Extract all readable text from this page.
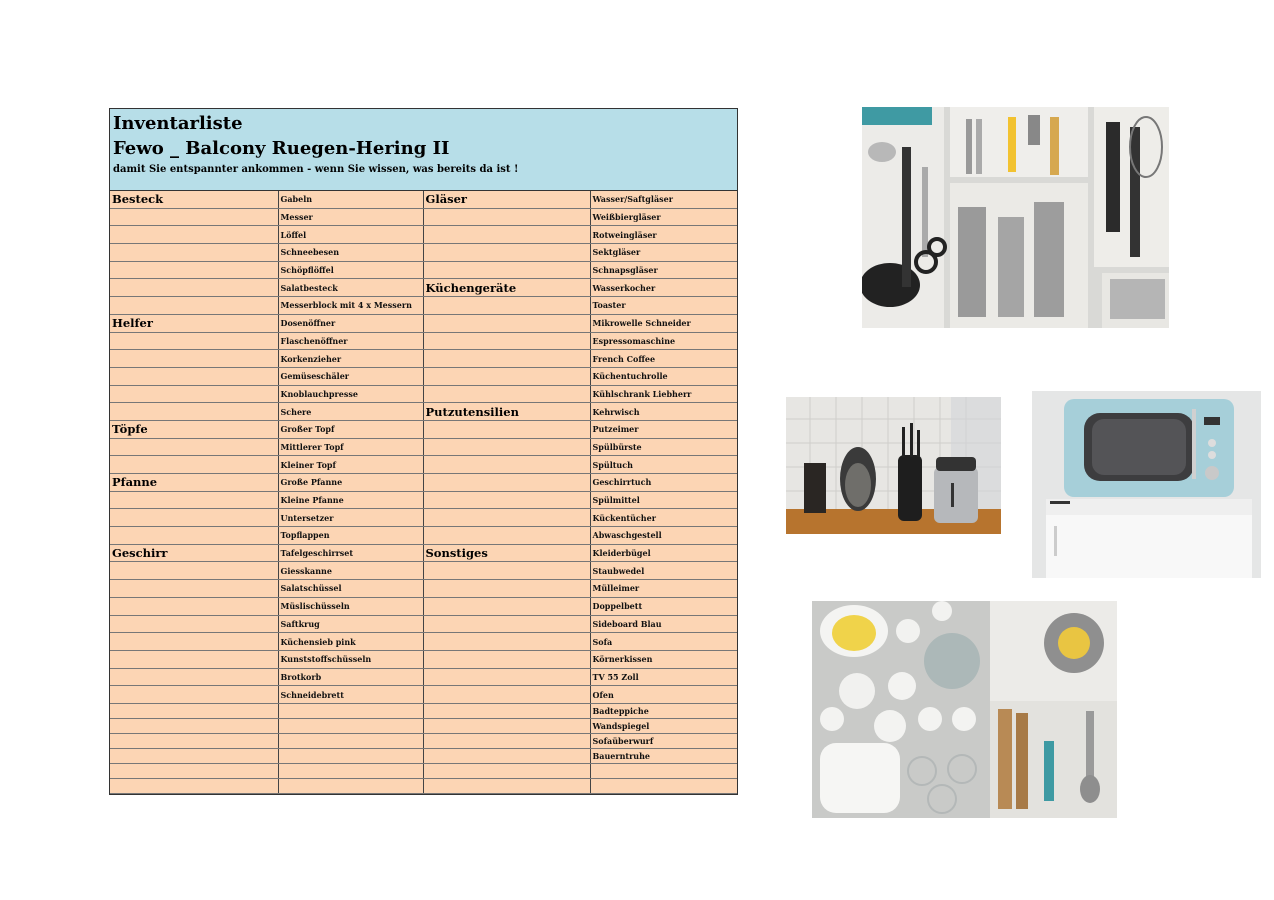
Inventarliste
Fewo _ Balcony Ruegen-Hering II
damit Sie entspannter ankommen - wenn Sie wissen, was bereits da ist !
Besteck	Gabeln	Gläser	Wasser/Saftgläser
	Messer		Weißbiergläser
	Löffel		Rotweingläser
	Schneebesen		Sektgläser
	Schöpflöffel		Schnapsgläser
	Salatbesteck	Küchengeräte	Wasserkocher
	Messerblock mit 4 x Messern		Toaster
Helfer	Dosenöffner		Mikrowelle Schneider
	Flaschenöffner		Espressomaschine
	Korkenzieher		French Coffee
	Gemüseschäler		Küchentuchrolle
	Knoblauchpresse		Kühlschrank Liebherr
	Schere	Putzutensilien	Kehrwisch
Töpfe	Großer Topf		Putzeimer
	Mittlerer Topf		Spülbürste
	Kleiner Topf		Spültuch
Pfanne	Große Pfanne		Geschirrtuch
	Kleine Pfanne		Spülmittel
	Untersetzer		Kückentücher
	Topflappen		Abwaschgestell
Geschirr	Tafelgeschirrset	Sonstiges	Kleiderbügel
	Giesskanne		Staubwedel
	Salatschüssel		Mülleimer
	Müslischüsseln		Doppelbett
	Saftkrug		Sideboard Blau
	Küchensieb pink		Sofa
	Kunststoffschüsseln		Körnerkissen
	Brotkorb		TV 55 Zoll
	Schneidebrett		Ofen
			Badteppiche
			Wandspiegel
			Sofaüberwurf
			Bauerntruhe
